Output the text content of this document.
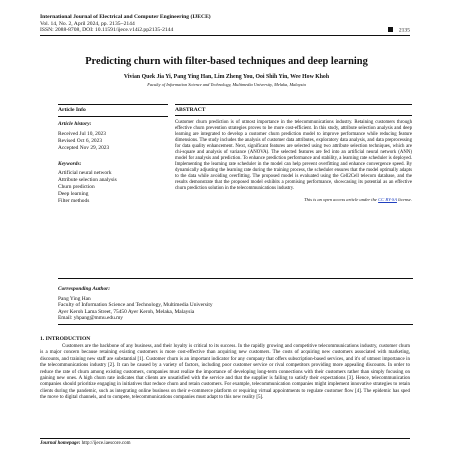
International Journal of Electrical and Computer Engineering (IJECE)
Vol. 14, No. 2, April 2024, pp. 2135~2144
ISSN: 2088-8708, DOI: 10.11591/ijece.v14i2.pp2135-2144	2135
Predicting churn with filter-based techniques and deep learning
Vivian Quek Jia Yi, Pang Ying Han, Lim Zheng You, Ooi Shih Yin, Wee How Khoh
Faculty of Information Science and Technology, Multimedia University, Melaka, Malaysia
Article Info
Article history:
Received Jul 10, 2023
Revised Oct 6, 2023
Accepted Nov 29, 2023
Keywords:
Artificial neural network
Attribute selection analysis
Churn prediction
Deep learning
Filter methods
ABSTRACT
Customer churn prediction is of utmost importance in the telecommunications industry. Retaining customers through effective churn prevention strategies proves to be more cost-efficient. In this study, attribute selection analysis and deep learning are integrated to develop a customer churn prediction model to improve performance while reducing feature dimensions. The study includes the analysis of customer data attributes, exploratory data analysis, and data preprocessing for data quality enhancement. Next, significant features are selected using two attribute selection techniques, which are chi-square and analysis of variance (ANOVA). The selected features are fed into an artificial neural network (ANN) model for analysis and prediction. To enhance prediction performance and stability, a learning rate scheduler is deployed. Implementing the learning rate scheduler in the model can help prevent overfitting and enhance convergence speed. By dynamically adjusting the learning rate during the training process, the scheduler ensures that the model optimally adapts to the data while avoiding overfitting. The proposed model is evaluated using the Cell2Cell telecom database, and the results demonstrate that the proposed model exhibits a promising performance, showcasing its potential as an effective churn prediction solution in the telecommunications industry.
This is an open access article under the CC BY-SA license.
Corresponding Author:
Pang Ying Han
Faculty of Information Science and Technology, Multimedia University
Ayer Keroh Lama Street, 75450 Ayer Keroh, Melaka, Malaysia
Email: yhpang@mmu.edu.my
1. INTRODUCTION
Customers are the backbone of any business, and their loyalty is critical to its success. In the rapidly growing and competitive telecommunications industry, customer churn is a major concern because retaining existing customers is more cost-effective than acquiring new customers. The costs of acquiring new customers associated with marketing, discounts, and training new staff are substantial [1]. Customer churn is an important indicator for any company that offers subscription-based services, and it's of utmost importance in the telecommunications industry [2]. It can be caused by a variety of factors, including poor customer service or rival competitors providing more appealing discounts. In order to reduce the rate of churn among existing customers, companies must realize the importance of developing long-term connections with their customers rather than simply focusing on gaining new ones. A high churn rate indicates that clients are unsatisfied with the service and that the supplier is failing to satisfy their expectations [3]. Hence, telecommunication companies should prioritize engaging in initiatives that reduce churn and retain customers. For example, telecommunication companies might implement innovative strategies to retain clients during the pandemic, such as integrating online business on their e-commerce platform or requiring virtual appointments to regulate customer flow [4]. The epidemic has sped the move to digital channels, and to compete, telecommunications companies must adapt to this new reality [5].
Journal homepage: http://ijece.iaescore.com
